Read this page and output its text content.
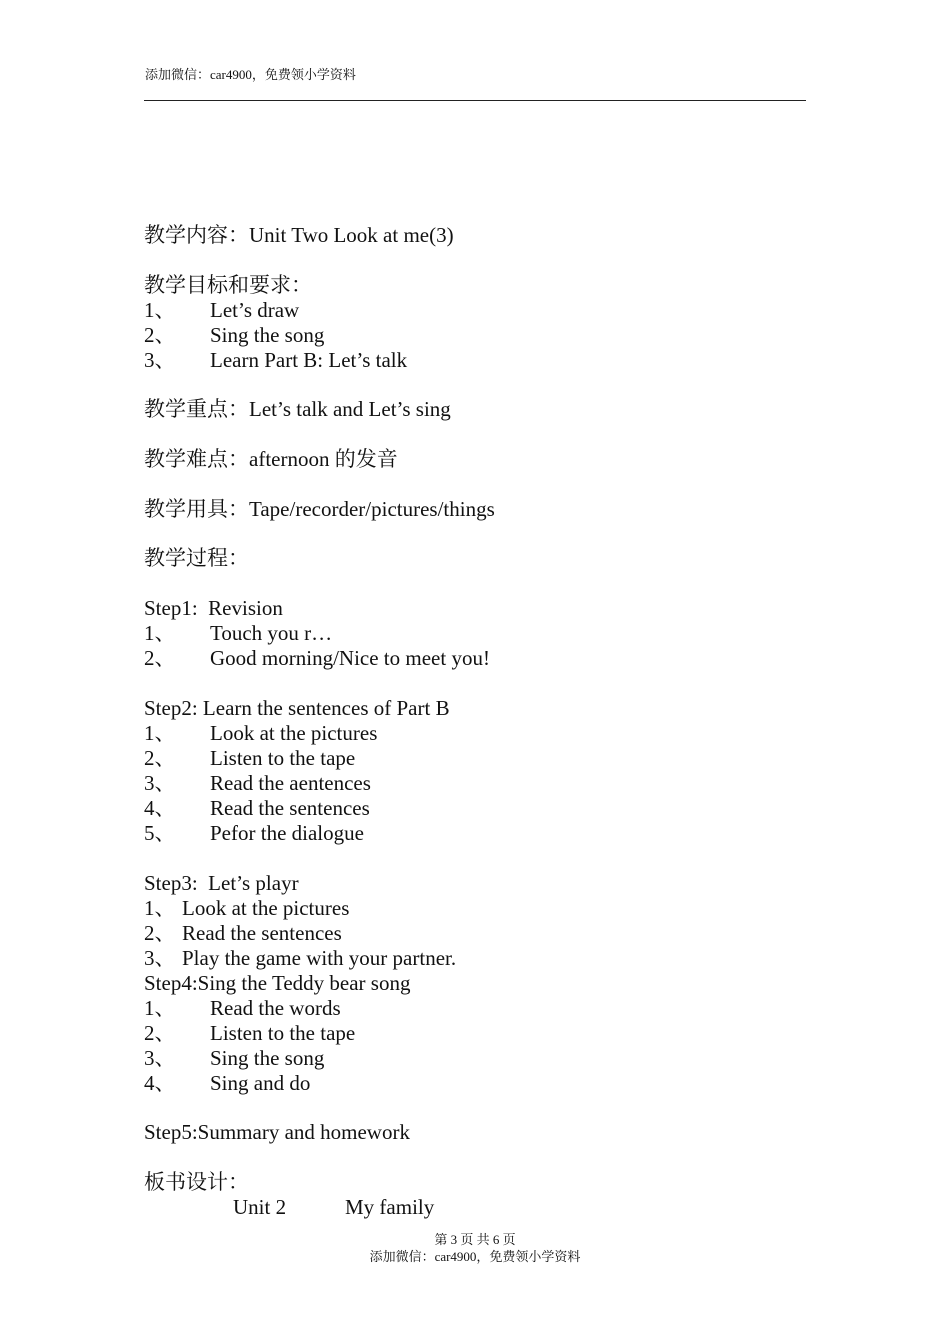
添加微信：car4900，免费领小学资料
教学内容：Unit Two Look at me(3)
教学目标和要求：
1、 Let’s draw
2、 Sing the song
3、 Learn Part B: Let’s talk
教学重点：Let’s talk and Let’s sing
教学难点：afternoon 的发音
教学用具：Tape/recorder/pictures/things
教学过程：
Step1:  Revision
1、 Touch you r…
2、 Good morning/Nice to meet you!
Step2: Learn the sentences of Part B
1、 Look at the pictures
2、 Listen to the tape
3、 Read the aentences
4、 Read the sentences
5、 Pefor the dialogue
Step3:  Let’s playr
1、 Look at the pictures
2、 Read the sentences
3、 Play the game with your partner.
Step4:Sing the Teddy bear song
1、 Read the words
2、 Listen to the tape
3、 Sing the song
4、 Sing and do
Step5:Summary and homework
板书设计：
Unit 2	My family
第 3 页 共 6 页
添加微信：car4900，免费领小学资料
